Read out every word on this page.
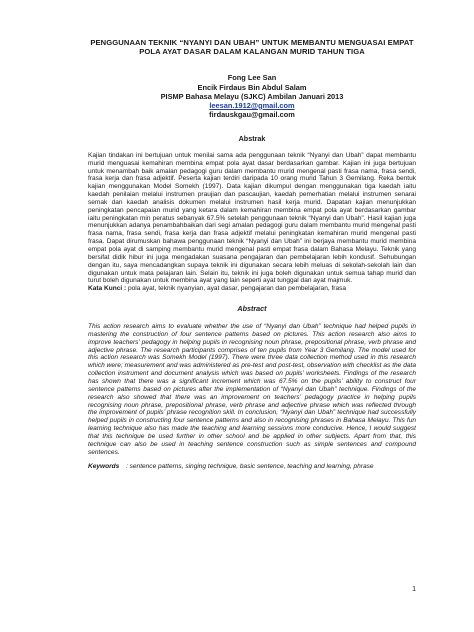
PENGGUNAAN TEKNIK “NYANYI DAN UBAH” UNTUK MEMBANTU MENGUASAI EMPAT POLA AYAT DASAR DALAM KALANGAN MURID TAHUN TIGA
Fong Lee San
Encik Firdaus Bin Abdul Salam
PISMP Bahasa Melayu (SJKC) Ambilan Januari 2013
leesan.1912@gmail.com
firdauskgau@gmail.com
Abstrak

Kajian tindakan ini bertujuan untuk menilai sama ada penggunaan teknik “Nyanyi dan Ubah” dapat membantu murid menguasai kemahiran membina empat pola ayat dasar berdasarkan gambar. Kajian ini juga bertujuan untuk menambah baik amalan pedagogi guru dalam membantu murid mengenal pasti frasa nama, frasa sendi, frasa kerja dan frasa adjektif. Peserta kajian terdiri daripada 10 orang murid Tahun 3 Gemilang. Reka bentuk kajian menggunakan Model Somekh (1997). Data kajian dikumpul dengan menggunakan tiga kaedah iaitu kaedah penilaian melalui instrumen praujian dan pascaujian, kaedah pemerhatian melalui instrumen senarai semak dan kaedah analisis dokumen melalui instrumen hasil kerja murid. Dapatan kajian menunjukkan peningkatan pencapaian murid yang ketara dalam kemahiran membina empat pola ayat berdasarkan gambar iaitu peningkatan min peratus sebanyak 67.5% setelah penggunaan teknik “Nyanyi dan Ubah”. Hasil kajian juga menunjukkan adanya penambahbaikan dari segi amalan pedagogi guru dalam membantu murid mengenal pasti frasa nama, frasa sendi, frasa kerja dan frasa adjektif melalui peningkatan kemahiran murid mengenal pasti frasa. Dapat dirumuskan bahawa penggunaan teknik “Nyanyi dan Ubah” ini berjaya membantu murid membina empat pola ayat di samping membantu murid mengenal pasti empat frasa dalam Bahasa Melayu. Teknik yang bersifat didik hibur ini juga mengadakan suasana pengajaran dan pembelajaran lebih kondusif. Sehubungan dengan itu, saya mencadangkan supaya teknik ini digunakan secara lebih meluas di sekolah-sekolah lain dan digunakan untuk mata pelajaran lain. Selain itu, teknik ini juga boleh digunakan untuk semua tahap murid dan turut boleh digunakan untuk membina ayat yang lain seperti ayat tunggal dan ayat majmuk.

Kata Kunci : pola ayat, teknik nyanyian, ayat dasar, pengajaran dan pembelajaran, frasa
Abstract

This action research aims to evaluate whether the use of “Nyanyi dan Ubah” technique had helped pupils in mastering the construction of four sentence patterns based on pictures. This action research also aims to improve teachers’ pedagogy in helping pupils in recognising noun phrase, prepositional phrase, verb phrase and adjective phrase. The research participants comprises of ten pupils from Year 3 Gemilang. The model used for this action research was Somekh Model (1997). There were three data collection method used in this research which were; measurement and was administered as pre-test and post-test, observation with checklist as the data collection instrument and document analysis which was based on pupils’ worksheets. Findings of the research has shown that there was a significant increment which was 67.5% on the pupils’ ability to construct four sentence patterns based on pictures after the implementation of “Nyanyi dan Ubah” technique. Findings of the research also showed that there was an improvement on teachers’ pedagogy practice in helping pupils recognising noun phrase, prepositional phrase, verb phrase and adjective phrase which was reflected through the improvement of pupils’ phrase recognition skill. In conclusion, “Nyanyi dan Ubah” technique had successfully helped pupils in constructing four sentence patterns and also in recognising phrases in Bahasa Melayu. This fun learning technique also has made the teaching and learning sessions more conducive. Hence, I would suggest that this technique be used further in other school and be applied in other subjects. Apart from that, this technique can also be used in teaching sentence construction such as simple sentences and compound sentences.

Keywords	: sentence patterns, singing technique, basic sentence, teaching and learning, phrase
1
